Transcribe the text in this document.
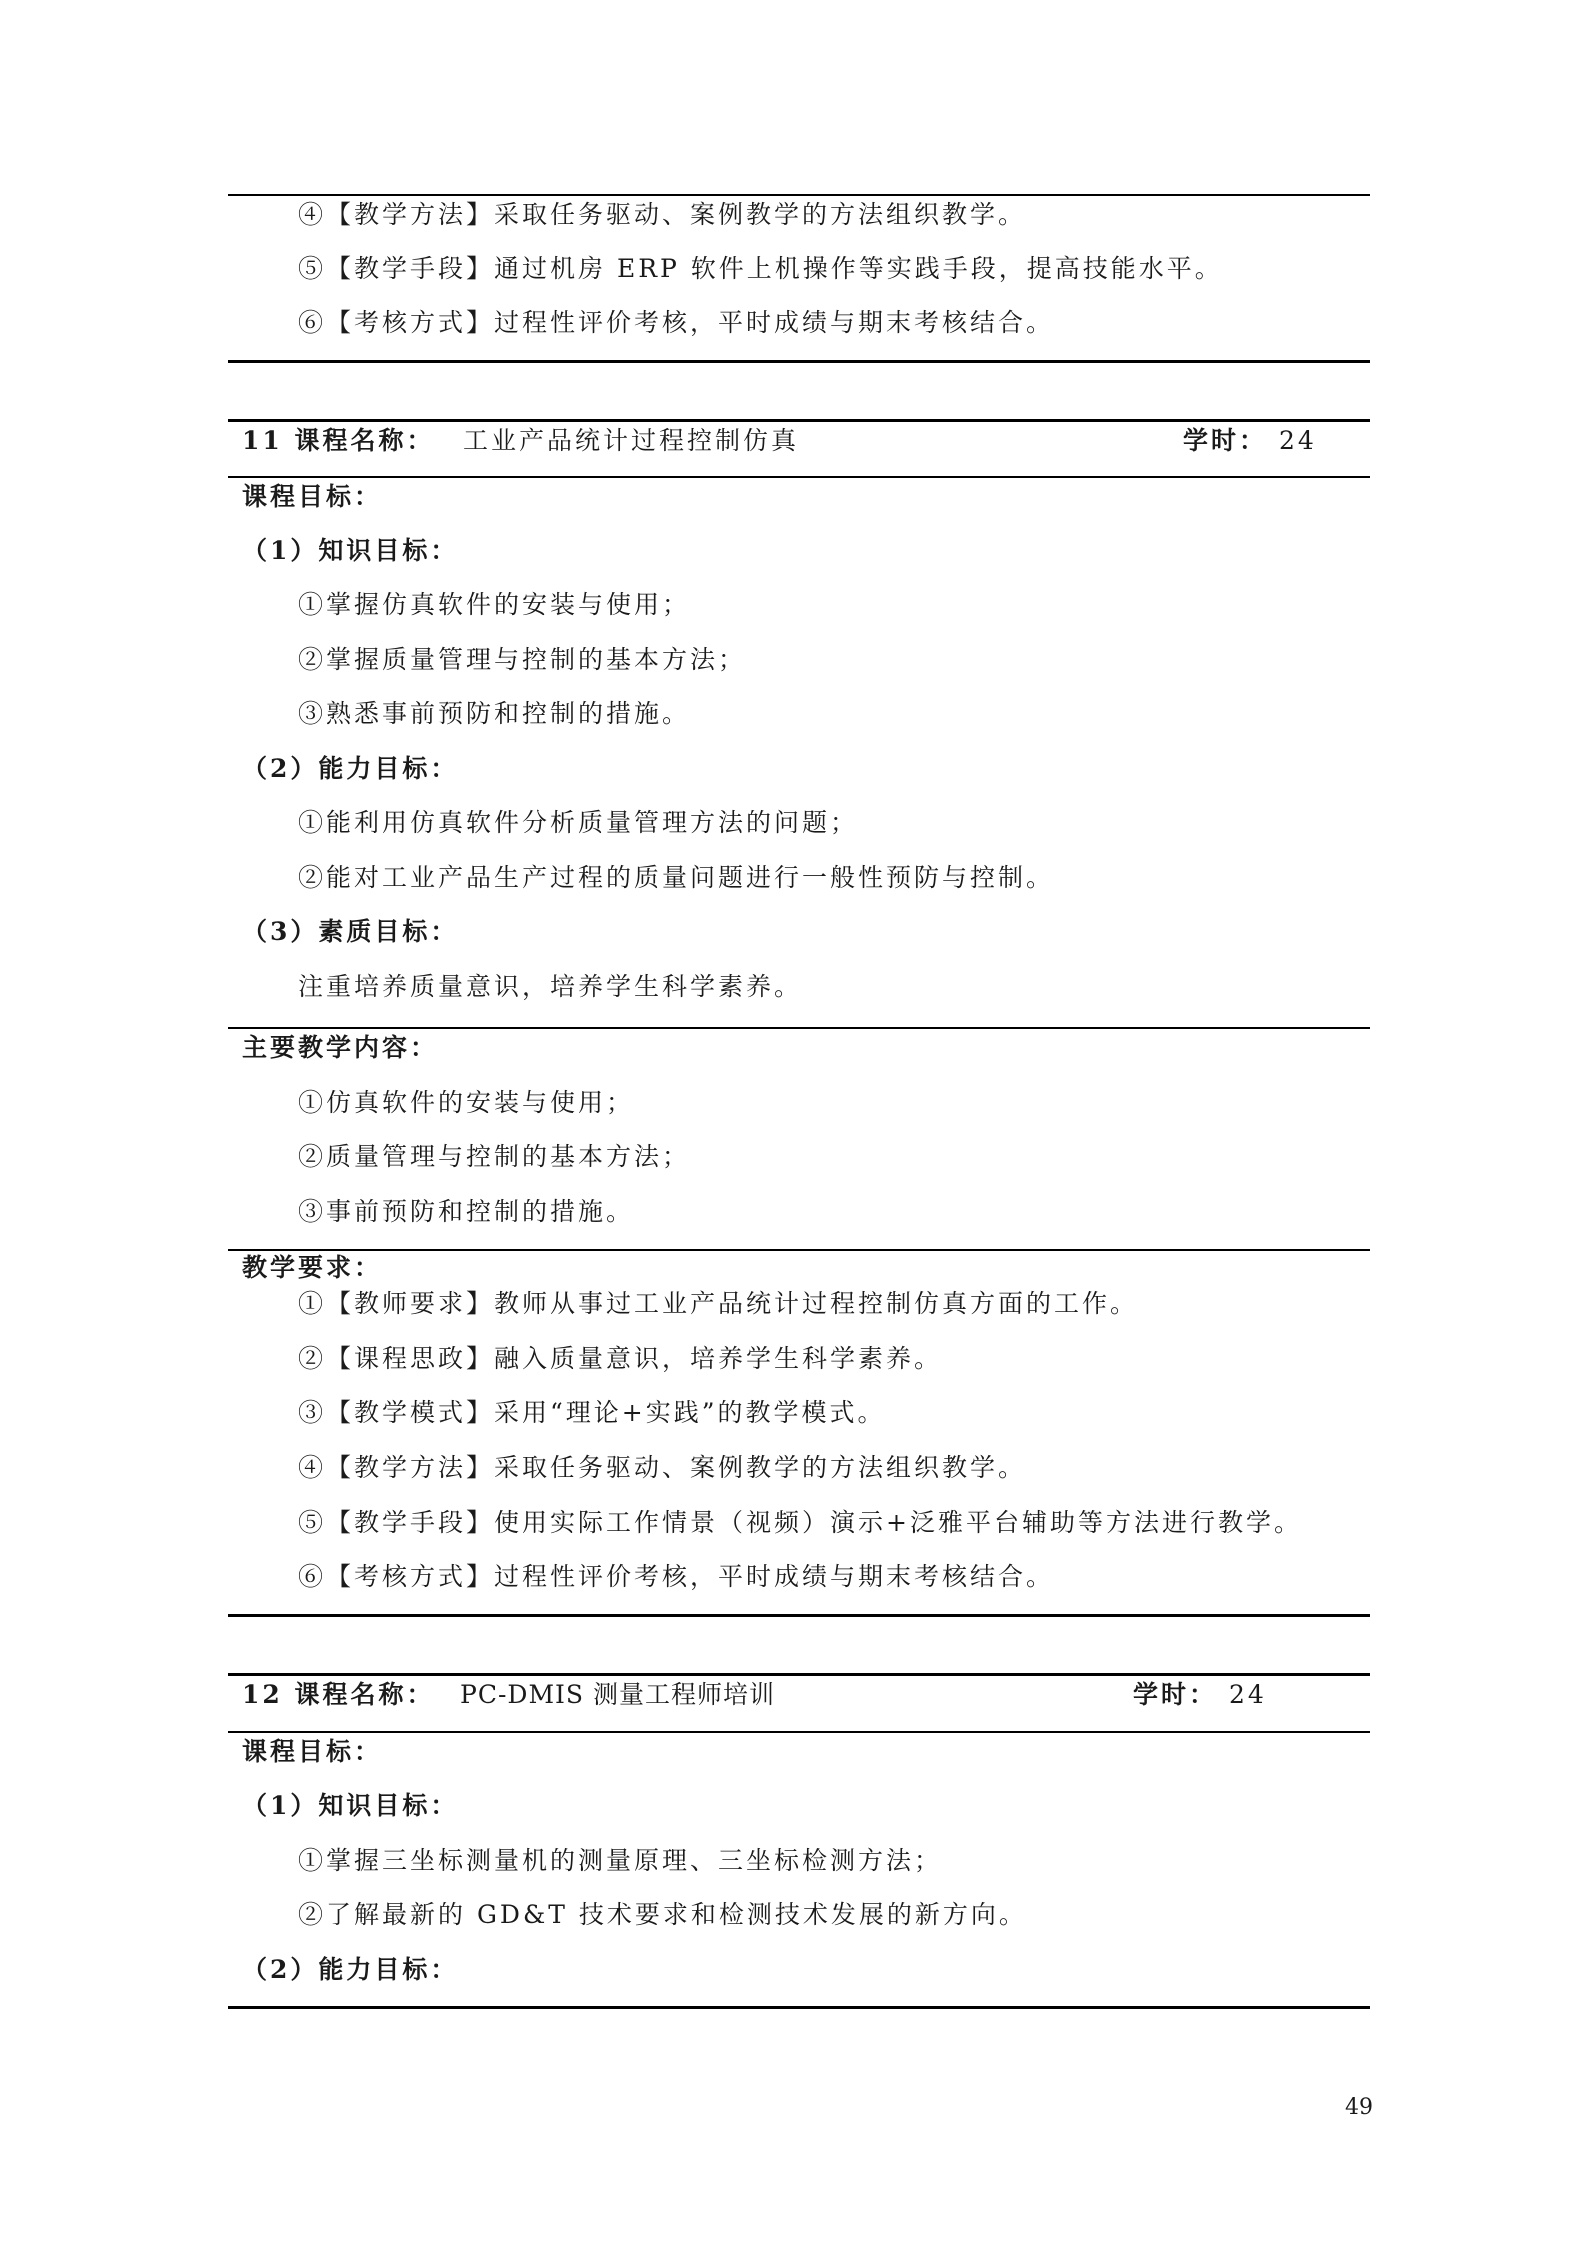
④【教学方法】采取任务驱动、案例教学的方法组织教学。
⑤【教学手段】通过机房 ERP 软件上机操作等实践手段，提高技能水平。
⑥【考核方式】过程性评价考核，平时成绩与期末考核结合。
11 课程名称： 工业产品统计过程控制仿真	学时： 24
课程目标：
（1）知识目标：
①掌握仿真软件的安装与使用；
②掌握质量管理与控制的基本方法；
③熟悉事前预防和控制的措施。
（2）能力目标：
①能利用仿真软件分析质量管理方法的问题；
②能对工业产品生产过程的质量问题进行一般性预防与控制。
（3）素质目标：
注重培养质量意识，培养学生科学素养。
主要教学内容：
①仿真软件的安装与使用；
②质量管理与控制的基本方法；
③事前预防和控制的措施。
教学要求：
①【教师要求】教师从事过工业产品统计过程控制仿真方面的工作。
②【课程思政】融入质量意识，培养学生科学素养。
③【教学模式】采用“理论+实践”的教学模式。
④【教学方法】采取任务驱动、案例教学的方法组织教学。
⑤【教学手段】使用实际工作情景（视频）演示+泛雅平台辅助等方法进行教学。
⑥【考核方式】过程性评价考核，平时成绩与期末考核结合。
12 课程名称： PC-DMIS 测量工程师培训	学时： 24
课程目标：
（1）知识目标：
①掌握三坐标测量机的测量原理、三坐标检测方法；
②了解最新的 GD&T 技术要求和检测技术发展的新方向。
（2）能力目标：
49
